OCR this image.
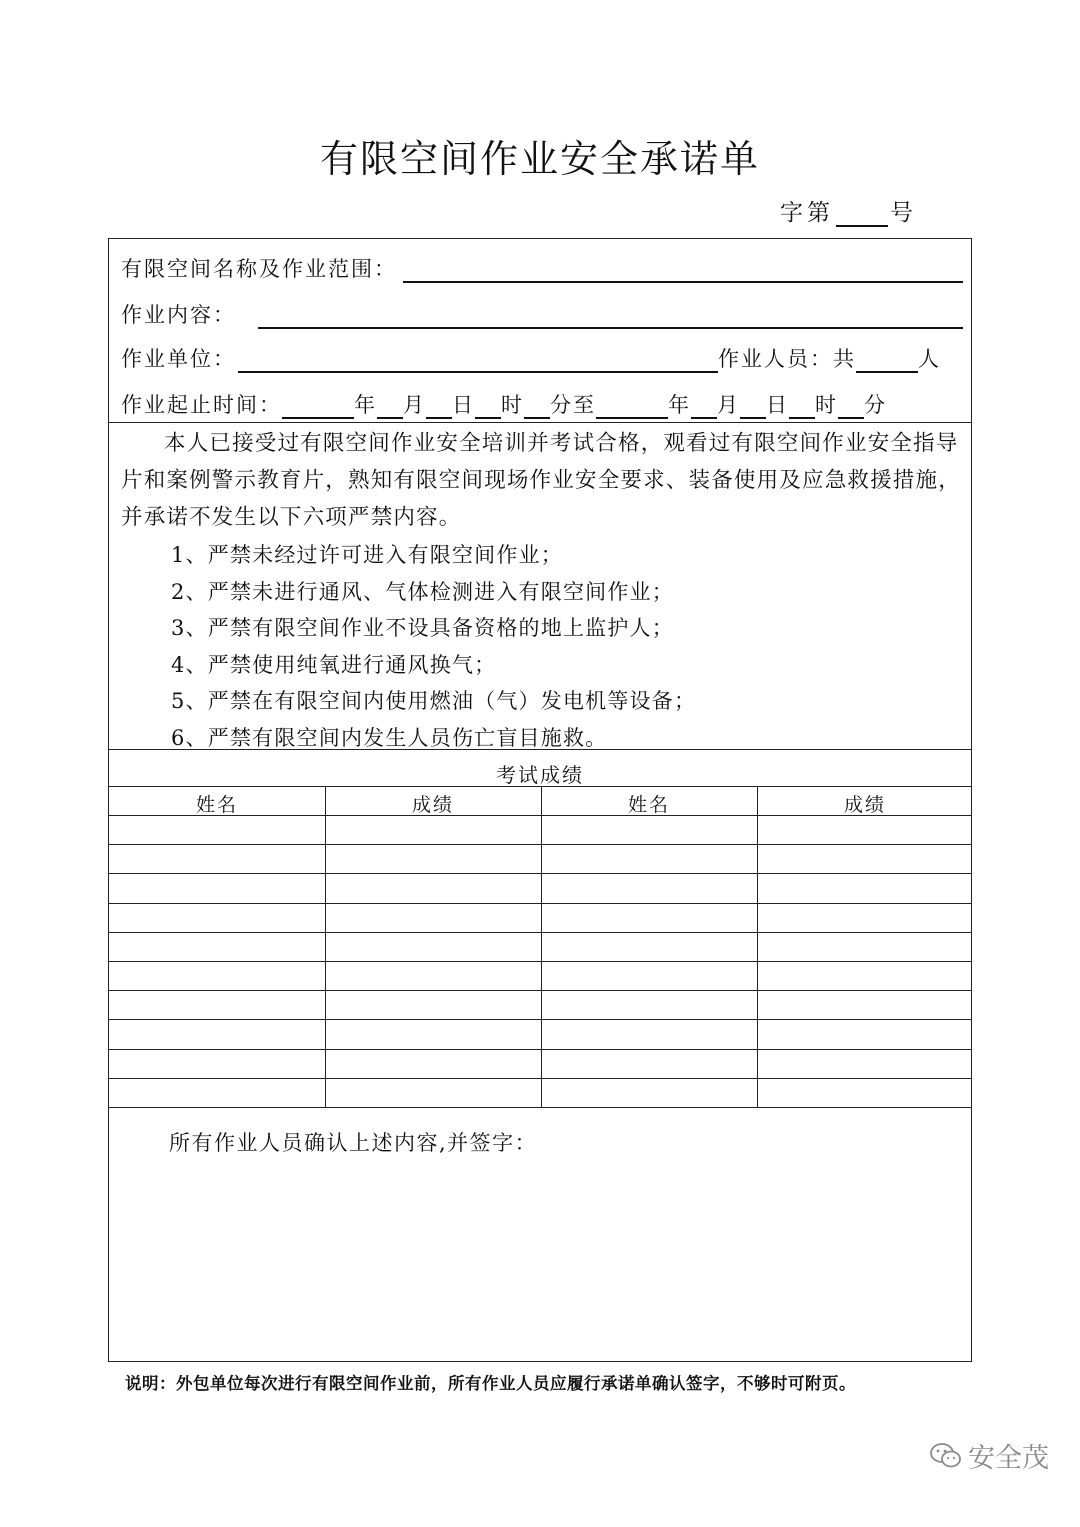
有限空间作业安全承诺单
字第 号
有限空间名称及作业范围：
作业内容：
作业单位：	作业人员：共	人
作业起止时间：	年 月 日 时 分至	年 月 日 时 分
本人已接受过有限空间作业安全培训并考试合格，观看过有限空间作业安全指导片和案例警示教育片，熟知有限空间现场作业安全要求、装备使用及应急救援措施，并承诺不发生以下六项严禁内容。
1、严禁未经过许可进入有限空间作业；
2、严禁未进行通风、气体检测进入有限空间作业；
3、严禁有限空间作业不设具备资格的地上监护人；
4、严禁使用纯氧进行通风换气；
5、严禁在有限空间内使用燃油（气）发电机等设备；
6、严禁有限空间内发生人员伤亡盲目施救。
考试成绩
姓名	成绩	姓名	成绩
所有作业人员确认上述内容,并签字：
说明：外包单位每次进行有限空间作业前，所有作业人员应履行承诺单确认签字，不够时可附页。
安全茂
